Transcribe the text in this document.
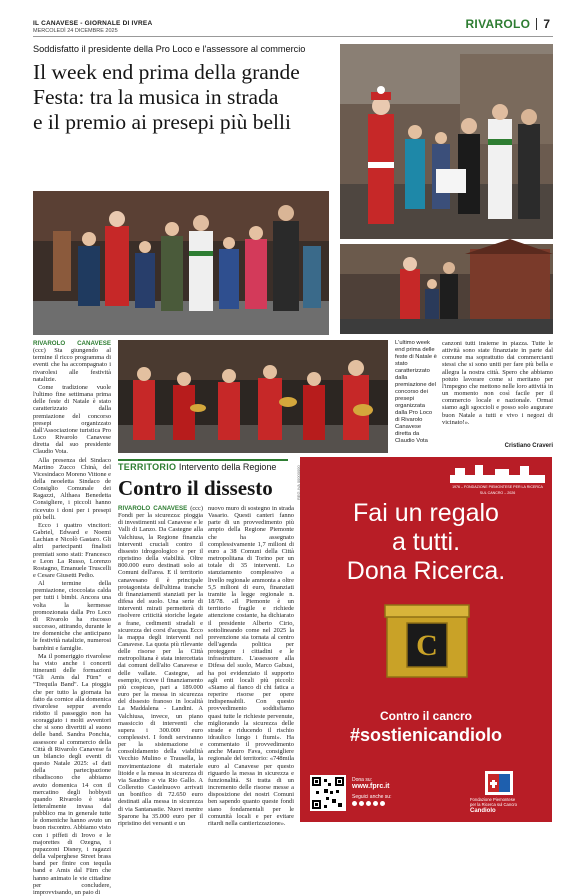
IL CANAVESE - GIORNALE DI IVREA
MERCOLEDÌ 24 DICEMBRE 2025	RIVAROLO 7
Soddisfatto il presidente della Pro Loco e l'assessore al commercio
Il week end prima della grande
Festa: tra la musica in strada
e il premio ai presepi più belli

RIVAROLO CANAVESE (ccc) Sta giungendo al termine il ricco programma di eventi che ha accompagnato i rivarolesi alle festività natalizie.

Come tradizione vuole l'ultimo fine settimana prima delle feste di Natale è stato caratterizzato dalla premiazione del concorso presepi organizzato dall'Associazione turistica Pro Loco Rivarolo Canavese diretta dal suo presidente Claudio Vota.

Alla presenza del Sindaco Martino Zucco Chinà, del Vicesindaco Moreno Vittone e della neoeletta Sindaco de Consiglio Comunale dei Ragazzi, Althaea Benedetta Consigliere, i piccoli hanno ricevuto i doni per i presepi più belli.

Ecco i quattro vincitori: Gabriel, Edward e Noemi Lachian e Nicolò Gastaro. Gli altri partecipanti finalisti premiati sono stati: Francesco e Leon La Russo, Lorenzo Rostagno, Emanuele Truscelli e Cesare Giusetti Pedio.

Al termine della premiazione, cioccolata calda per tutti i bimbi. Ancora una volta la kermesse promozionata dalla Pro Loco di Rivarolo ha riscosso successo, attirando, durante le tre domeniche che anticipano le festività natalizie, numerosi bambini e famiglie.

Ma il pomeriggio rivarolese ha visto anche i concerti itineranti delle formazioni "Gli Amis dal Fürn" e "Trequila Band". La pioggia che per tutto la giornata ha fatto da cornice alla domenica rivarolese seppur avendo ridotto il passeggio non ha scoraggiato i molti avventori che si sono divertiti al suono delle band. Sandra Ponchia, assessore al commercio della Città di Rivarolo Canavese fa un bilancio degli eventi di questo Natale 2025: «I dati della partecipazione ribadiscono che abbiamo avuto domenica 14 con il mercatino degli hobbysti quando Rivarolo è stata letteralmente invasa dal pubblico ma in generale tutte le domeniche hanno avuto un buon riscontro. Abbiamo visto con i piffeti di Irovo e le majorettes di Ozegna, i pupazzoni Disney, i ragazzi della valperghese Street brass band per finire con tequila band e Amis dal Fürn che hanno animato le vie cittadine per concludere, improvvisando, un paio di

L'ultimo week end prima delle feste di Natale è stato caratterizzato dalla premiazione del concorso dei presepi organizzata dalla Pro Loco di Rivarolo Canavese diretta da Claudio Vota
canzoni tutti insieme in piazza. Tutte le attività sono state finanziate in parte dal comune ma soprattutto dai commercianti stessi che si sono uniti per fare più bella e allegra la nostra città. Spero che abbiamo potuto lavorare come si meritano per l'impegno che mettono nelle loro attività in un momento non così facile per il commercio locale e nazionale. Ormai siamo agli sgoccioli e posso solo augurare buon Natale a tutti e vivo i negozi di vicinato!».
Cristiano Craveri
TERRITORIO Intervento della Regione
Contro il dissesto

RIVAROLO CANAVESE (ccc) Fondi per la sicurezza: pioggia di investimenti sul Canavese e le Valli di Lanzo. Da Castegne alla Valchiusa, la Regione finanzia interventi cruciali contro il dissesto idrogeologico e per il ripristino della viabilità. Oltre 800.000 euro destinati solo ai Comuni dell'area. E il territorio canavesano il è principale protagonista dell'ultima tranche di finanziamenti stanziati per la difesa del suolo. Una serie di interventi mirati permetterà di risolvere criticità storiche legate a frane, cedimenti stradali e sicurezza dei corsi d'acqua. Ecco la mappa degli interventi nel Canavese. La quota più rilevante delle risorse per la Città metropolitana è stata intercettata dai comuni dell'alto Canavese e delle vallate. Castegne, ad esempio, riceve il finanziamento più cospicuo, pari a 189.000 euro per la messa in sicurezza del dissesto franoso in località La Maddalena - Landini. A Valchiusa, invece, un piano massiccio di interventi che supera i 300.000 euro complessivi. I fondi serviranno per la sistemazione e consolidamento della viabilità Vecchio Mulino e Trausella, la movimentazione di materiale litoide e la messa in sicurezza di via Saudino e via Rio Gallo. A Colleretto Castelnuovo arrivati un bonifico di 72.650 euro destinati alla messa in sicurezza di via Santanastie. Nuovi mentre Sparone ha 35.000 euro per il ripristino dei versanti e un

nuovo muro di sostegno in strada Vasario. Questi canteri fanno parte di un provvedimento più ampio della Regione Piemonte che ha assegnato complessivamente 1,7 milioni di euro a 38 Comuni della Città metropolitana di Torino per un totale di 35 interventi. Lo stanziamento complessivo a livello regionale ammonta a oltre 5,5 milioni di euro, finanziati tramite la legge regionale n. 18/78. «Il Piemonte è un territorio fragile e richiede attenzione costante, ha dichiarato il presidente Alberto Cirio, sottolineando come nel 2025 la prevenzione sia tornata al centro dell'agenda politica per proteggere i cittadini e le infrastrutture. L'assessore alla Difesa del suolo, Marco Gabusi, ha poi evidenziato il supporto agli enti locali più piccoli: «Siamo al fianco di chi fatica a reperire risorse per opere indispensabili. Con questo provvedimento soddisfiamo quasi tutte le richieste pervenute, migliorando la sicurezza delle strade e riducendo il rischio idraulico lungo i fiumi». Ha commentato il provvedimento anche Mauro Fava, consigliere regionale del territorio: «748mila euro al Canavese per questo riguardo la messa in sicurezza e funzionalità. Si tratta di un incremento delle risorse messe a disposizione dei nostri Comuni ben sapendo quanto queste fondi siano fondamentali per le comunità locali e per evitare ritardi nella cantierizzazione».
1976 – FONDAZIONE PIEMONTESE PER LA RICERCA SUL CANCRO – 2026
Fai un regalo
a tutti.
Dona Ricerca.
C
Contro il cancro
#sostienicandiolo
Dona su:
www.fprc.it
Seguici anche su:	Fondazione Piemontese
per la Ricerca sul Cancro
Candiolo
REG.IVA 00000000
